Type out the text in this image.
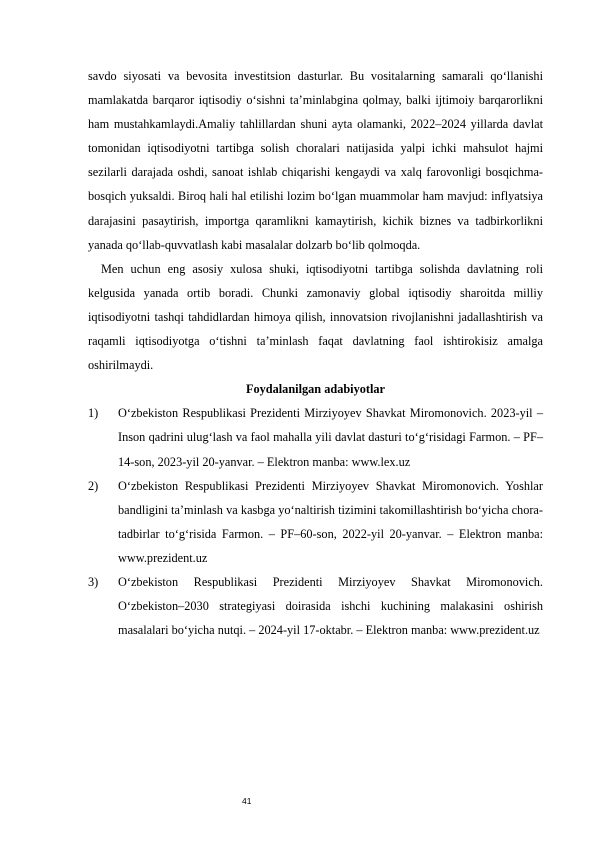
savdo siyosati va bevosita investitsion dasturlar. Bu vositalarning samarali qo‘llanishi mamlakatda barqaror iqtisodiy o‘sishni ta’minlabgina qolmay, balki ijtimoiy barqarorlikni ham mustahkamlaydi.Amaliy tahlillardan shuni ayta olamanki, 2022–2024 yillarda davlat tomonidan iqtisodiyotni tartibga solish choralari natijasida yalpi ichki mahsulot hajmi sezilarli darajada oshdi, sanoat ishlab chiqarishi kengaydi va xalq farovonligi bosqichma-bosqich yuksaldi. Biroq hali hal etilishi lozim bo‘lgan muammolar ham mavjud: inflyatsiya darajasini pasaytirish, importga qaramlikni kamaytirish, kichik biznes va tadbirkorlikni yanada qo‘llab-quvvatlash kabi masalalar dolzarb bo‘lib qolmoqda.

Men uchun eng asosiy xulosa shuki, iqtisodiyotni tartibga solishda davlatning roli kelgusida yanada ortib boradi. Chunki zamonaviy global iqtisodiy sharoitda milliy iqtisodiyotni tashqi tahdidlardan himoya qilish, innovatsion rivojlanishni jadallashtirish va raqamli iqtisodiyotga o‘tishni ta’minlash faqat davlatning faol ishtirokisiz amalga oshirilmaydi.

Foydalanilgan adabiyotlar

1) O‘zbekiston Respublikasi Prezidenti Mirziyoyev Shavkat Miromonovich. 2023-yil – Inson qadrini ulug‘lash va faol mahalla yili davlat dasturi to‘g‘risidagi Farmon. – PF–14-son, 2023-yil 20-yanvar. – Elektron manba: www.lex.uz
2) O‘zbekiston Respublikasi Prezidenti Mirziyoyev Shavkat Miromonovich. Yoshlar bandligini ta’minlash va kasbga yo‘naltirish tizimini takomillashtirish bo‘yicha chora-tadbirlar to‘g‘risida Farmon. – PF–60-son, 2022-yil 20-yanvar. – Elektron manba: www.prezident.uz
3) O‘zbekiston Respublikasi Prezidenti Mirziyoyev Shavkat Miromonovich. O‘zbekiston–2030 strategiyasi doirasida ishchi kuchining malakasini oshirish masalalari bo‘yicha nutqi. – 2024-yil 17-oktabr. – Elektron manba: www.prezident.uz
41
